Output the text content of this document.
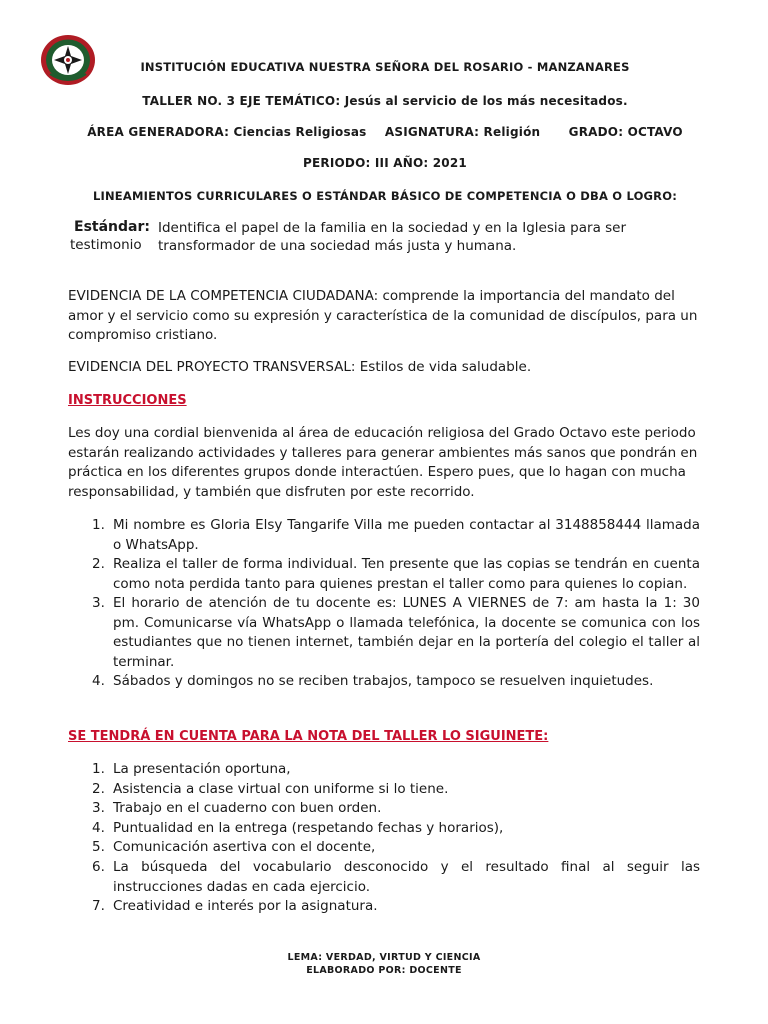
INSTITUCIÓN EDUCATIVA NUESTRA SEÑORA DEL ROSARIO - MANZANARES
TALLER NO. 3 EJE TEMÁTICO: Jesús al servicio de los más necesitados.
ÁREA GENERADORA: Ciencias Religiosas ASIGNATURA: Religión GRADO: OCTAVO
PERIODO: III AÑO: 2021
LINEAMIENTOS CURRICULARES O ESTÁNDAR BÁSICO DE COMPETENCIA O DBA O LOGRO:
Estándar:
testimonio
Identifica el papel de la familia en la sociedad y en la Iglesia para ser
transformador de una sociedad más justa y humana.
EVIDENCIA DE LA COMPETENCIA CIUDADANA: comprende la importancia del mandato del amor y el servicio como su expresión y característica de la comunidad de discípulos, para un compromiso cristiano.
EVIDENCIA DEL PROYECTO TRANSVERSAL: Estilos de vida saludable.
INSTRUCCIONES
Les doy una cordial bienvenida al área de educación religiosa del Grado Octavo este periodo estarán realizando actividades y talleres para generar ambientes más sanos que pondrán en práctica en los diferentes grupos donde interactúen. Espero pues, que lo hagan con mucha responsabilidad, y también que disfruten por este recorrido.
1. Mi nombre es Gloria Elsy Tangarife Villa me pueden contactar al 3148858444 llamada o WhatsApp.
2. Realiza el taller de forma individual. Ten presente que las copias se tendrán en cuenta como nota perdida tanto para quienes prestan el taller como para quienes lo copian.
3. El horario de atención de tu docente es: LUNES A VIERNES de 7: am hasta la 1: 30 pm. Comunicarse vía WhatsApp o llamada telefónica, la docente se comunica con los estudiantes que no tienen internet, también dejar en la portería del colegio el taller al terminar.
4. Sábados y domingos no se reciben trabajos, tampoco se resuelven inquietudes.
SE TENDRÁ EN CUENTA PARA LA NOTA DEL TALLER LO SIGUINETE:
1. La presentación oportuna,
2. Asistencia a clase virtual con uniforme si lo tiene.
3. Trabajo en el cuaderno con buen orden.
4. Puntualidad en la entrega (respetando fechas y horarios),
5. Comunicación asertiva con el docente,
6. La búsqueda del vocabulario desconocido y el resultado final al seguir las instrucciones dadas en cada ejercicio.
7. Creatividad e interés por la asignatura.
LEMA: VERDAD, VIRTUD Y CIENCIA
ELABORADO POR: DOCENTE
